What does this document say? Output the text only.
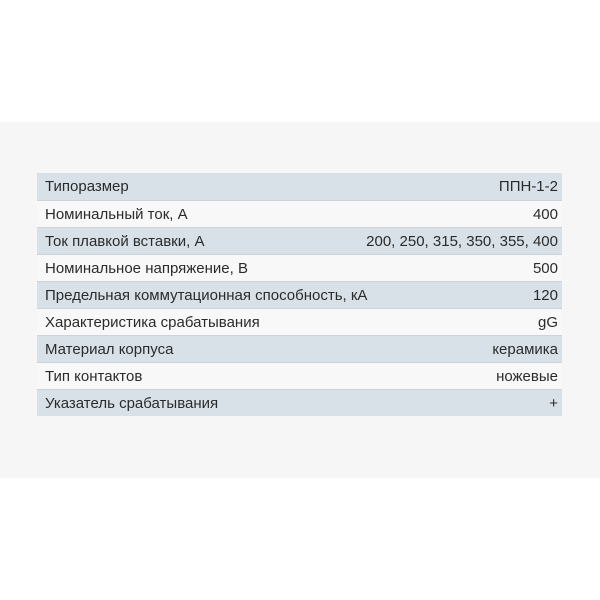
Типоразмер	ППН-1-2
Номинальный ток, А	400
Ток плавкой вставки, А	200, 250, 315, 350, 355, 400
Номинальное напряжение, В	500
Предельная коммутационная способность, кА	120
Характеристика срабатывания	gG
Материал корпуса	керамика
Тип контактов	ножевые
Указатель срабатывания	+
